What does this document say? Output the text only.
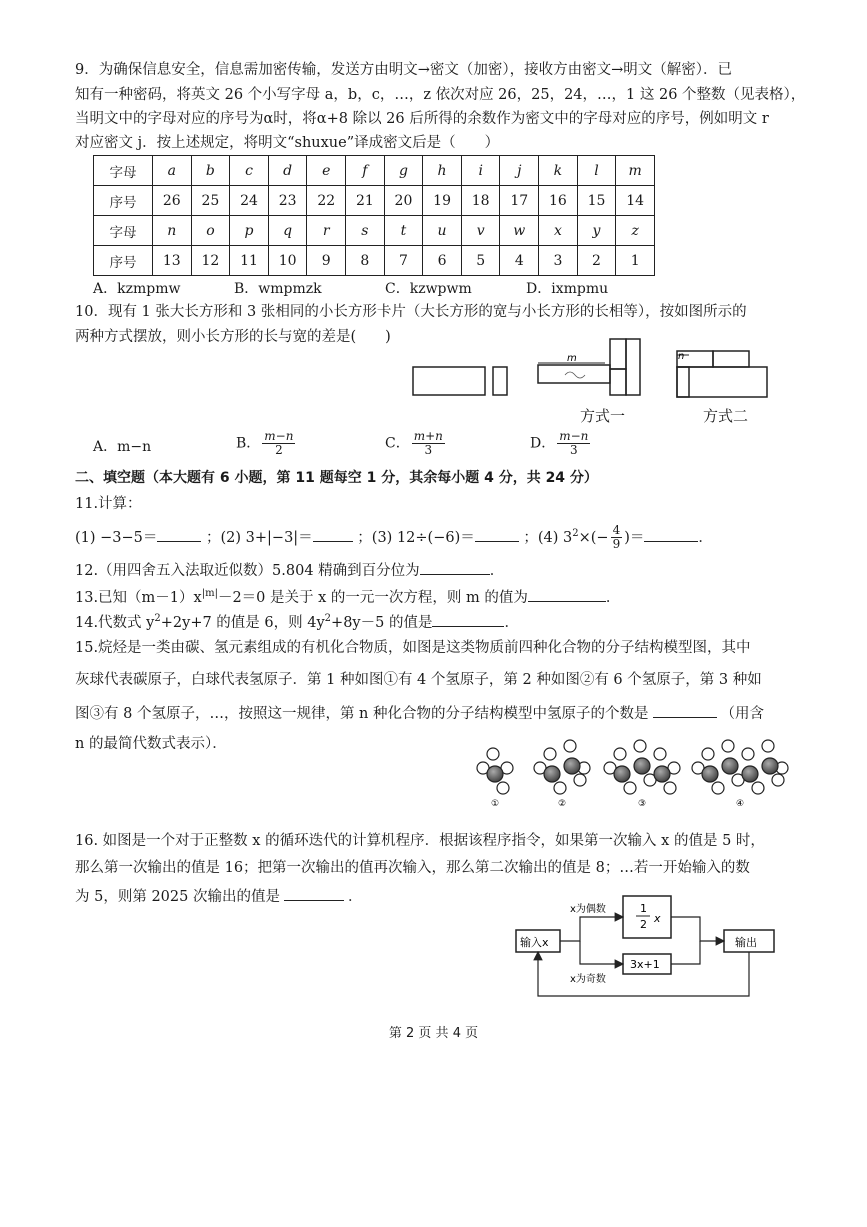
9．为确保信息安全，信息需加密传输，发送方由明文→密文（加密），接收方由密文→明文（解密）．已
知有一种密码，将英文 26 个小写字母 a，b，c，…，z 依次对应 26，25，24，…，1 这 26 个整数（见表格），
当明文中的字母对应的序号为α时，将α+8 除以 26 后所得的余数作为密文中的字母对应的序号，例如明文 r
对应密文 j．按上述规定，将明文“shuxue”译成密文后是（　　）
字母	a	b	c	d	e	f	g	h	i	j	k	l	m
序号	26	25	24	23	22	21	20	19	18	17	16	15	14
字母	n	o	p	q	r	s	t	u	v	w	x	y	z
序号	13	12	11	10	9	8	7	6	5	4	3	2	1
A．kzmpmw	B．wmpmzk	C．kzwpwm	D．ixmpmu
10．现有 1 张大长方形和 3 张相同的小长方形卡片（大长方形的宽与小长方形的长相等），按如图所示的
两种方式摆放，则小长方形的长与宽的差是(　　)
m	n
方式一	方式二
A．m−n	B． $\frac{m-n}{2}$	C． $\frac{m+n}{3}$	D． $\frac{m-n}{3}$
二、填空题（本大题有 6 小题，第 11 题每空 1 分，其余每小题 4 分，共 24 分）
11.计算：
(1) −3−5＝	；(2) 3+|−3|＝	；(3) 12÷(−6)＝	；(4) $3^2\times(- \frac{4}{9}$ )＝	．
12.（用四舍五入法取近似数）5.804 精确到百分位为	．
13.已知$(m-1)x^{|m|}-2=0$ 是关于 x 的一元一次方程，则 m 的值为	．
14.代数式 $y^2+2y+7$ 的值是 6，则 $4y^2+8y-5$ 的值是	．
15.烷烃是一类由碳、氢元素组成的有机化合物质，如图是这类物质前四种化合物的分子结构模型图，其中
灰球代表碳原子，白球代表氢原子．第 1 种如图①有 4 个氢原子，第 2 种如图②有 6 个氢原子，第 3 种如
图③有 8 个氢原子，…，按照这一规律，第 n 种化合物的分子结构模型中氢原子的个数是	（用含
n 的最简代数式表示）．
①	②	③	④
16. 如图是一个对于正整数 x 的循环迭代的计算机程序．根据该程序指令，如果第一次输入 x 的值是 5 时，
那么第一次输出的值是 16；把第一次输出的值再次输入，那么第二次输出的值是 8；…若一开始输入的数
为 5，则第 2025 次输出的值是	．
输入x
1
2 x
3x+1
输出
x为偶数
x为奇数
第 2 页 共 4 页
